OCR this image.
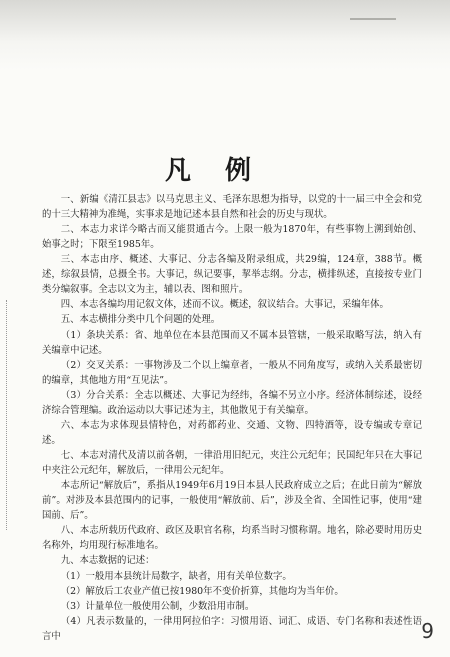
凡例

一、新编《清江县志》以马克思主义、毛泽东思想为指导，以党的十一届三中全会和党的十三大精神为准绳，实事求是地记述本县自然和社会的历史与现状。

二、本志力求详今略古而又能贯通古今。上限一般为1870年，有些事物上溯到始创、始事之时；下限至1985年。

三、本志由序、概述、大事记、分志各编及附录组成，共29编，124章，388节。概述，综叙县情，总摄全书。大事记，纵记要事，挈举志纲。分志，横排纵述，直接按专业门类分编叙事。全志以文为主，辅以表、图和照片。

四、本志各编均用记叙文体，述而不议。概述，叙议结合。大事记，采编年体。

五、本志横排分类中几个问题的处理。

（1）条块关系：省、地单位在本县范围而又不属本县管辖，一般采取略写法，纳入有关编章中记述。

（2）交叉关系：一事物涉及二个以上编章者，一般从不同角度写，或纳入关系最密切的编章，其他地方用“互见法”。

（3）分合关系：全志以概述、大事记为经纬，各编不另立小序。经济体制综述，设经济综合管理编。政治运动以大事记述为主，其他散见于有关编章。

六、本志为求体现县情特色，对药都药业、交通、文物、四特酒等，设专编或专章记述。

七、本志对清代及清以前各朝，一律沿用旧纪元，夹注公元纪年；民国纪年只在大事记中夹注公元纪年，解放后，一律用公元纪年。

本志所记“解放后”，系指从1949年6月19日本县人民政府成立之后；在此日前为“解放前”。对涉及本县范围内的记事，一般使用“解放前、后”，涉及全省、全国性记事，使用“建国前、后”。

八、本志所载历代政府、政区及职官名称，均系当时习惯称谓。地名，除必要时用历史名称外，均用现行标准地名。

九、本志数据的记述：

（1）一般用本县统计局数字，缺者，用有关单位数字。

（2）解放后工农业产值已按1980年不变价折算，其他均为当年价。

（3）计量单位一般使用公制，少数沿用市制。

（4）凡表示数量的，一律用阿拉伯字：习惯用语、词汇、成语、专门名称和表述性语言中	9
